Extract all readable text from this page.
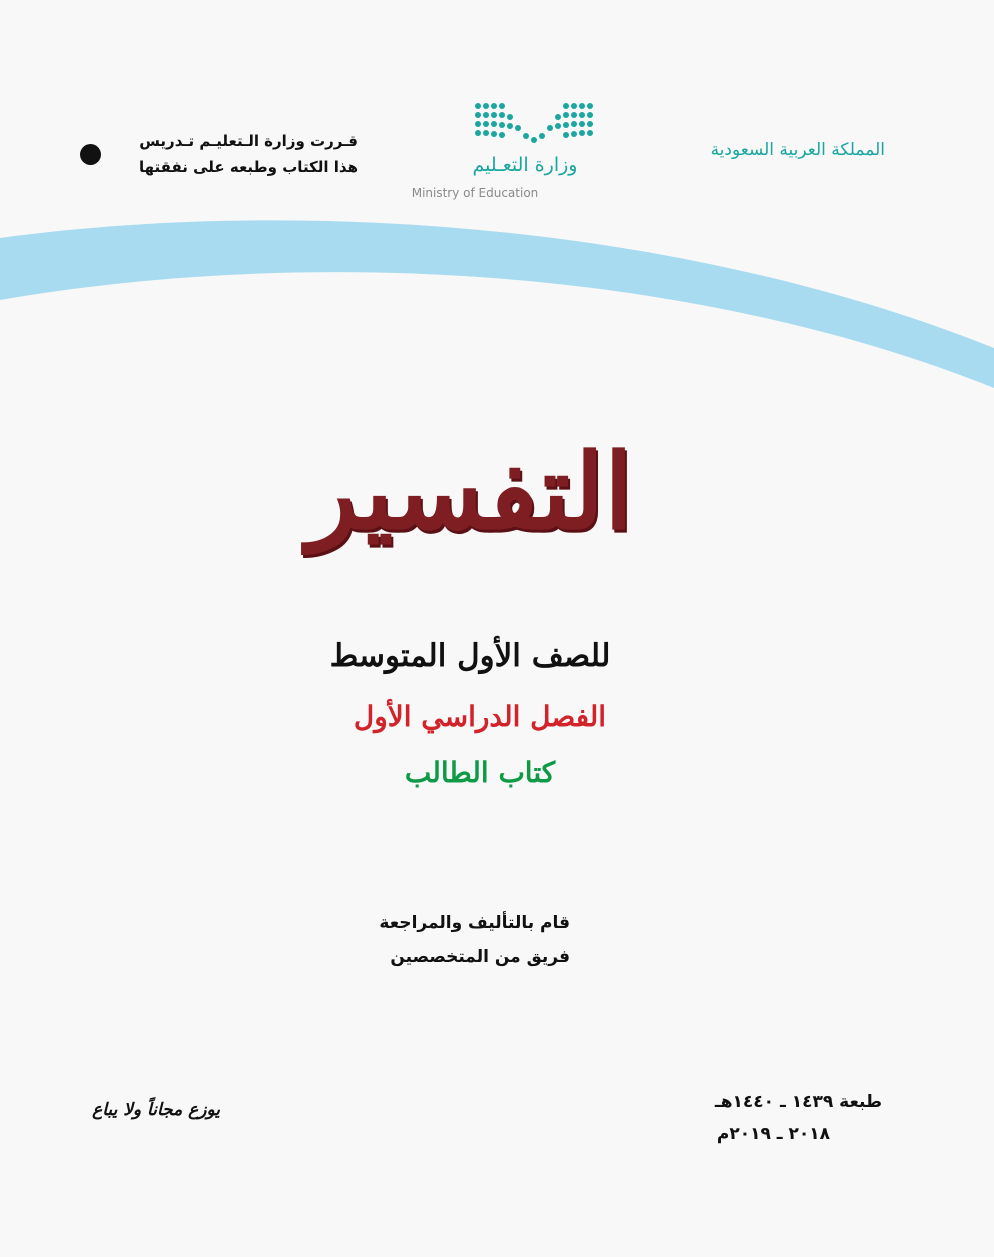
المملكة العربية السعودية
وزارة التعـليم
Ministry of Education
قـررت وزارة الـتعليـم تـدريس
هذا الكتاب وطبعه على نفقتها
التفسير
للصف الأول المتوسط
الفصل الدراسي الأول
كتاب الطالب
قام بالتأليف والمراجعة
فريق من المتخصصين
يوزع مجاناً ولا يباع	طبعة ١٤٣٩ ـ ١٤٤٠هـ
٢٠١٨ ـ ٢٠١٩م
